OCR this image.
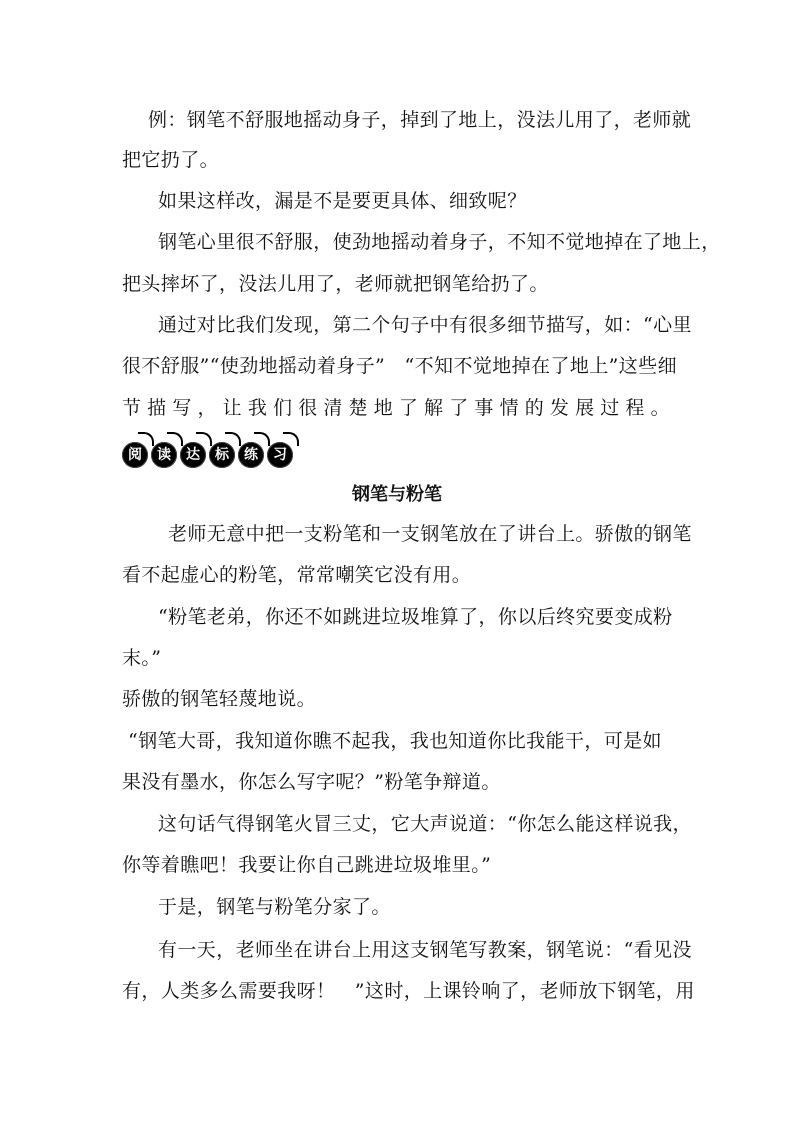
例：钢笔不舒服地摇动身子，掉到了地上，没法儿用了，老师就
把它扔了。
如果这样改，漏是不是要更具体、细致呢？
钢笔心里很不舒服，使劲地摇动着身子，不知不觉地掉在了地上，
把头摔坏了，没法儿用了，老师就把钢笔给扔了。
通过对比我们发现，第二个句子中有很多细节描写，如：“心里
很不舒服”“使劲地摇动着身子”　“不知不觉地掉在了地上”这些细
节描写，让我们很清楚地了解了事情的发展过程。
阅	读	达	标	练	习
钢笔与粉笔
老师无意中把一支粉笔和一支钢笔放在了讲台上。骄傲的钢笔
看不起虚心的粉笔，常常嘲笑它没有用。
“粉笔老弟，你还不如跳进垃圾堆算了，你以后终究要变成粉
末。”
骄傲的钢笔轻蔑地说。
“钢笔大哥，我知道你瞧不起我，我也知道你比我能干，可是如
果没有墨水，你怎么写字呢？”粉笔争辩道。
这句话气得钢笔火冒三丈，它大声说道：“你怎么能这样说我，
你等着瞧吧！我要让你自己跳进垃圾堆里。”
于是，钢笔与粉笔分家了。
有一天，老师坐在讲台上用这支钢笔写教案，钢笔说：“看见没
有，人类多么需要我呀！　”这时，上课铃响了，老师放下钢笔，用
